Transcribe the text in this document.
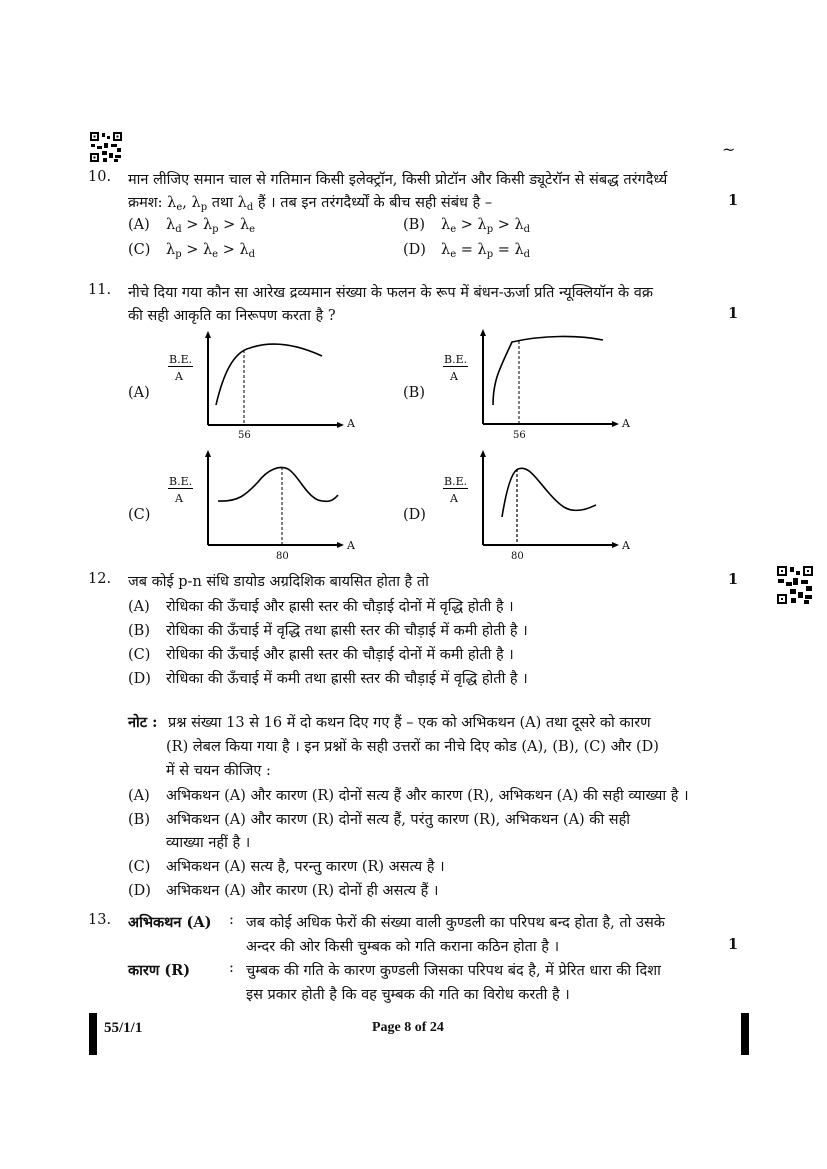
~
10.	मान लीजिए समान चाल से गतिमान किसी इलेक्ट्रॉन, किसी प्रोटॉन और किसी ड्यूटेरॉन से संबद्ध तरंगदैर्ध्य
क्रमश: $\lambda_e$, $\lambda_p$ तथा $\lambda_d$ हैं । तब इन तरंगदैर्ध्यों के बीच सही संबंध है –	1
(A) $\lambda_d > \lambda_p > \lambda_e$	(B) $\lambda_e > \lambda_p > \lambda_d$
(C) $\lambda_p > \lambda_e > \lambda_d$	(D) $\lambda_e = \lambda_p = \lambda_d$
11.	नीचे दिया गया कौन सा आरेख द्रव्यमान संख्या के फलन के रूप में बंधन-ऊर्जा प्रति न्यूक्लियॉन के वक्र
की सही आकृति का निरूपण करता है ?	1
(A)
B.E.
A
A
56
(B)
B.E.
A
A
56
(C)
B.E.
A
A
80
(D)
B.E.
A
A
80
12.	जब कोई p-n संधि डायोड अग्रदिशिक बायसित होता है तो	1
(A) रोधिका की ऊँचाई और ह्रासी स्तर की चौड़ाई दोनों में वृद्धि होती है ।
(B) रोधिका की ऊँचाई में वृद्धि तथा ह्रासी स्तर की चौड़ाई में कमी होती है ।
(C) रोधिका की ऊँचाई और ह्रासी स्तर की चौड़ाई दोनों में कमी होती है ।
(D) रोधिका की ऊँचाई में कमी तथा ह्रासी स्तर की चौड़ाई में वृद्धि होती है ।
नोट : प्रश्न संख्या 13 से 16 में दो कथन दिए गए हैं – एक को अभिकथन (A) तथा दूसरे को कारण
(R) लेबल किया गया है । इन प्रश्नों के सही उत्तरों का नीचे दिए कोड (A), (B), (C) और (D)
में से चयन कीजिए :
(A) अभिकथन (A) और कारण (R) दोनों सत्य हैं और कारण (R), अभिकथन (A) की सही व्याख्या है ।
(B) अभिकथन (A) और कारण (R) दोनों सत्य हैं, परंतु कारण (R), अभिकथन (A) की सही
व्याख्या नहीं है ।
(C) अभिकथन (A) सत्य है, परन्तु कारण (R) असत्य है ।
(D) अभिकथन (A) और कारण (R) दोनों ही असत्य हैं ।
13.	अभिकथन (A) : जब कोई अधिक फेरों की संख्या वाली कुण्डली का परिपथ बन्द होता है, तो उसके
अन्दर की ओर किसी चुम्बक को गति कराना कठिन होता है ।	1
कारण (R)	: चुम्बक की गति के कारण कुण्डली जिसका परिपथ बंद है, में प्रेरित धारा की दिशा
इस प्रकार होती है कि वह चुम्बक की गति का विरोध करती है ।
55/1/1	Page 8 of 24
